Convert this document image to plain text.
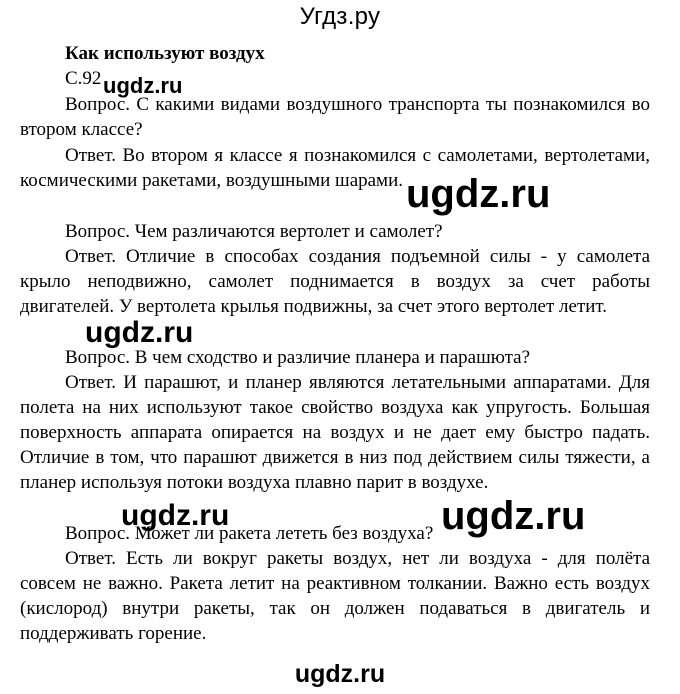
Угдз.ру
Как используют воздух
С.92

Вопрос. С какими видами воздушного транспорта ты познакомился во втором классе?

Ответ. Во втором я классе я познакомился с самолетами, вертолетами, космическими ракетами, воздушными шарами.

Вопрос. Чем различаются вертолет и самолет?

Ответ. Отличие в способах создания подъемной силы - у самолета крыло неподвижно, самолет поднимается в воздух за счет работы двигателей. У вертолета крылья подвижны, за счет этого вертолет летит.

Вопрос. В чем сходство и различие планера и парашюта?

Ответ. И парашют, и планер являются летательными аппаратами. Для полета на них используют такое свойство воздуха как упругость. Большая поверхность аппарата опирается на воздух и не дает ему быстро падать. Отличие в том, что парашют движется в низ под действием силы тяжести, а планер используя потоки воздуха плавно парит в воздухе.

Вопрос. Может ли ракета лететь без воздуха?

Ответ. Есть ли вокруг ракеты воздух, нет ли воздуха - для полёта совсем не важно. Ракета летит на реактивном толкании. Важно есть воздух (кислород) внутри ракеты, так он должен подаваться в двигатель и поддерживать горение.

ugdz.ru
ugdz.ru
ugdz.ru
ugdz.ru	ugdz.ru
ugdz.ru
